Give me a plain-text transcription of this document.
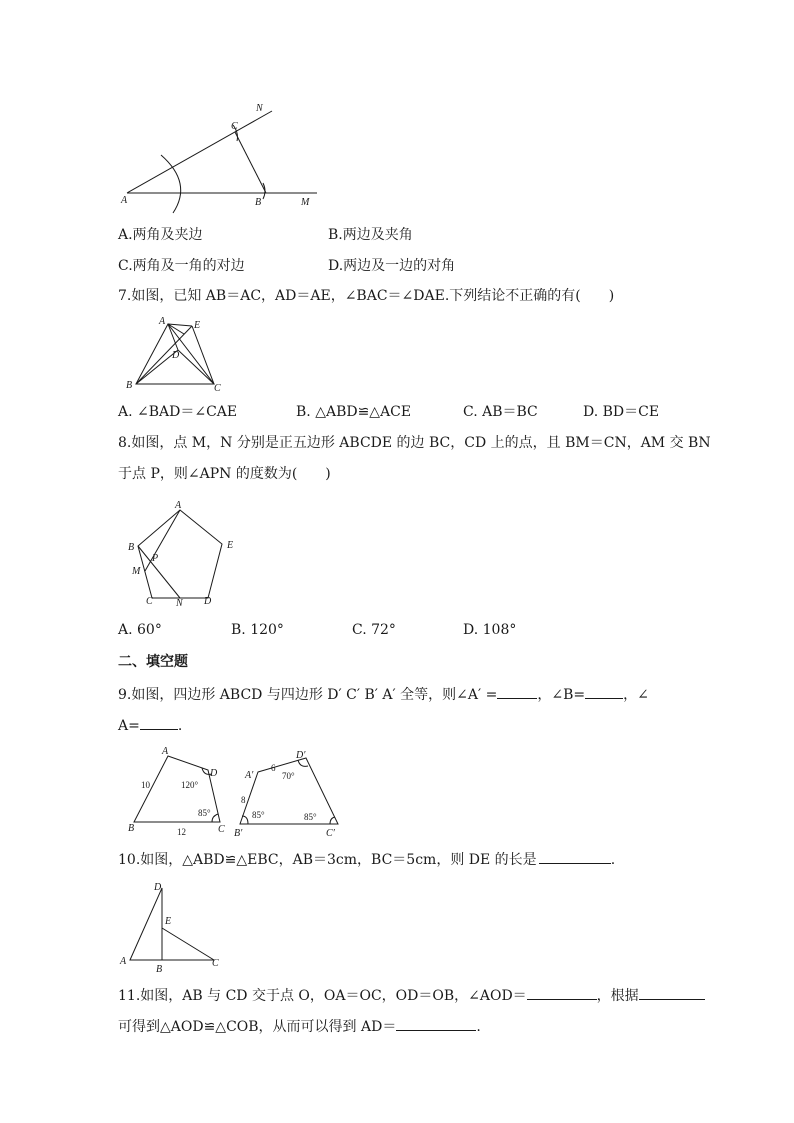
N
C
A	B	M
A.两角及夹边	B.两边及夹角
C.两角及一角的对边	D.两边及一边的对角
7.如图，已知 AB＝AC，AD＝AE，∠BAC＝∠DAE.下列结论不正确的有(　　)
A	E
D
B	C
A. ∠BAD＝∠CAE	B. △ABD≌△ACE	C. AB＝BC	D. BD＝CE
8.如图，点 M，N 分别是正五边形 ABCDE 的边 BC，CD 上的点，且 BM＝CN，AM 交 BN
于点 P，则∠APN 的度数为(　　)
A
B	E
P
M
C N D
A. 60°	B. 120°	C. 72°	D. 108°
二、填空题
9.如图，四边形 ABCD 与四边形 D′ C′ B′ A′ 全等，则∠A′ =	，∠B=	，∠
A=	.
A
D
B	C
10
12
120°
85°
A′
D′
B′	C′
6
8
70°
85°	85°
10.如图，△ABD≌△EBC，AB＝3cm，BC＝5cm，则 DE 的长是	.
D
E
A
B
C
11.如图，AB 与 CD 交于点 O，OA＝OC，OD＝OB，∠AOD＝	，根据
可得到△AOD≌△COB，从而可以得到 AD＝	.
